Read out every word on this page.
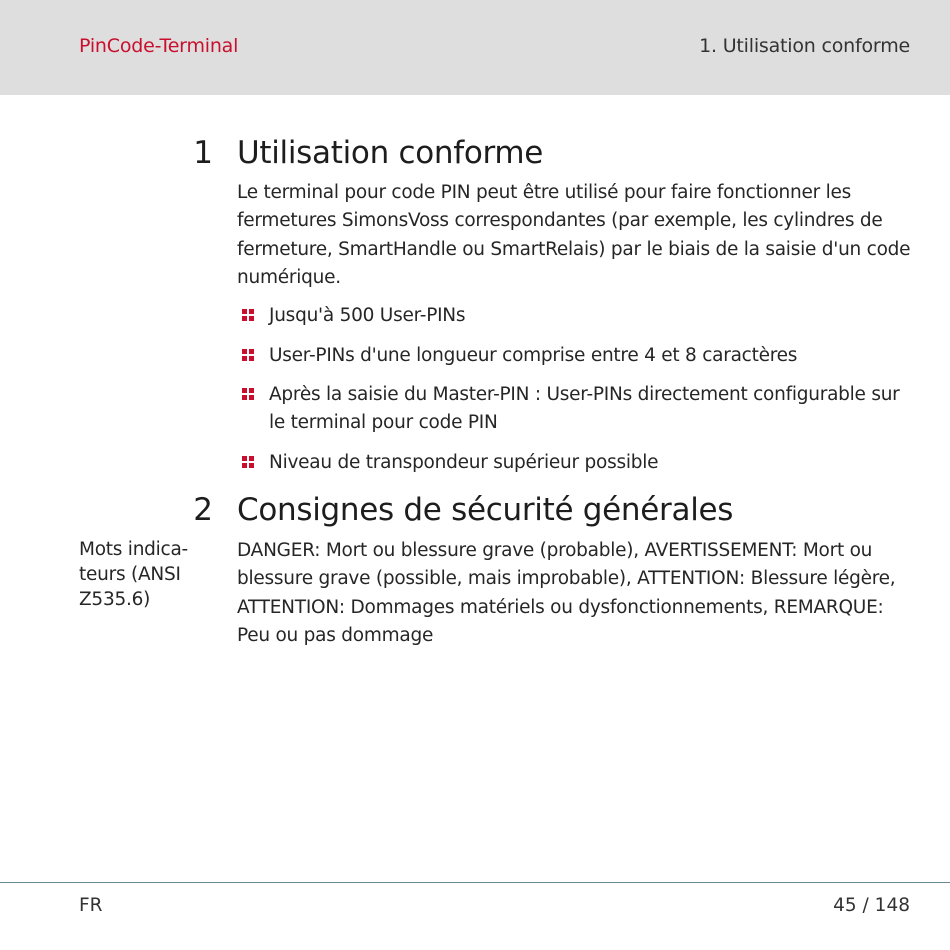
PinCode-Terminal	1. Utilisation conforme
1 Utilisation conforme

Le terminal pour code PIN peut être utilisé pour faire fonctionner les fermetures SimonsVoss correspondantes (par exemple, les cylindres de fermeture, SmartHandle ou SmartRelais) par le biais de la saisie d'un code numérique.

Jusqu'à 500 User-PINs
User-PINs d'une longueur comprise entre 4 et 8 caractères
Après la saisie du Master-PIN : User-PINs directement configurable sur le terminal pour code PIN
Niveau de transpondeur supérieur possible
2 Consignes de sécurité générales
Mots indica-teurs (ANSI Z535.6)

DANGER: Mort ou blessure grave (probable), AVERTISSEMENT: Mort ou blessure grave (possible, mais improbable), ATTENTION: Blessure légère, ATTENTION: Dommages matériels ou dysfonctionnements, REMARQUE: Peu ou pas dommage

FR	45 / 148
